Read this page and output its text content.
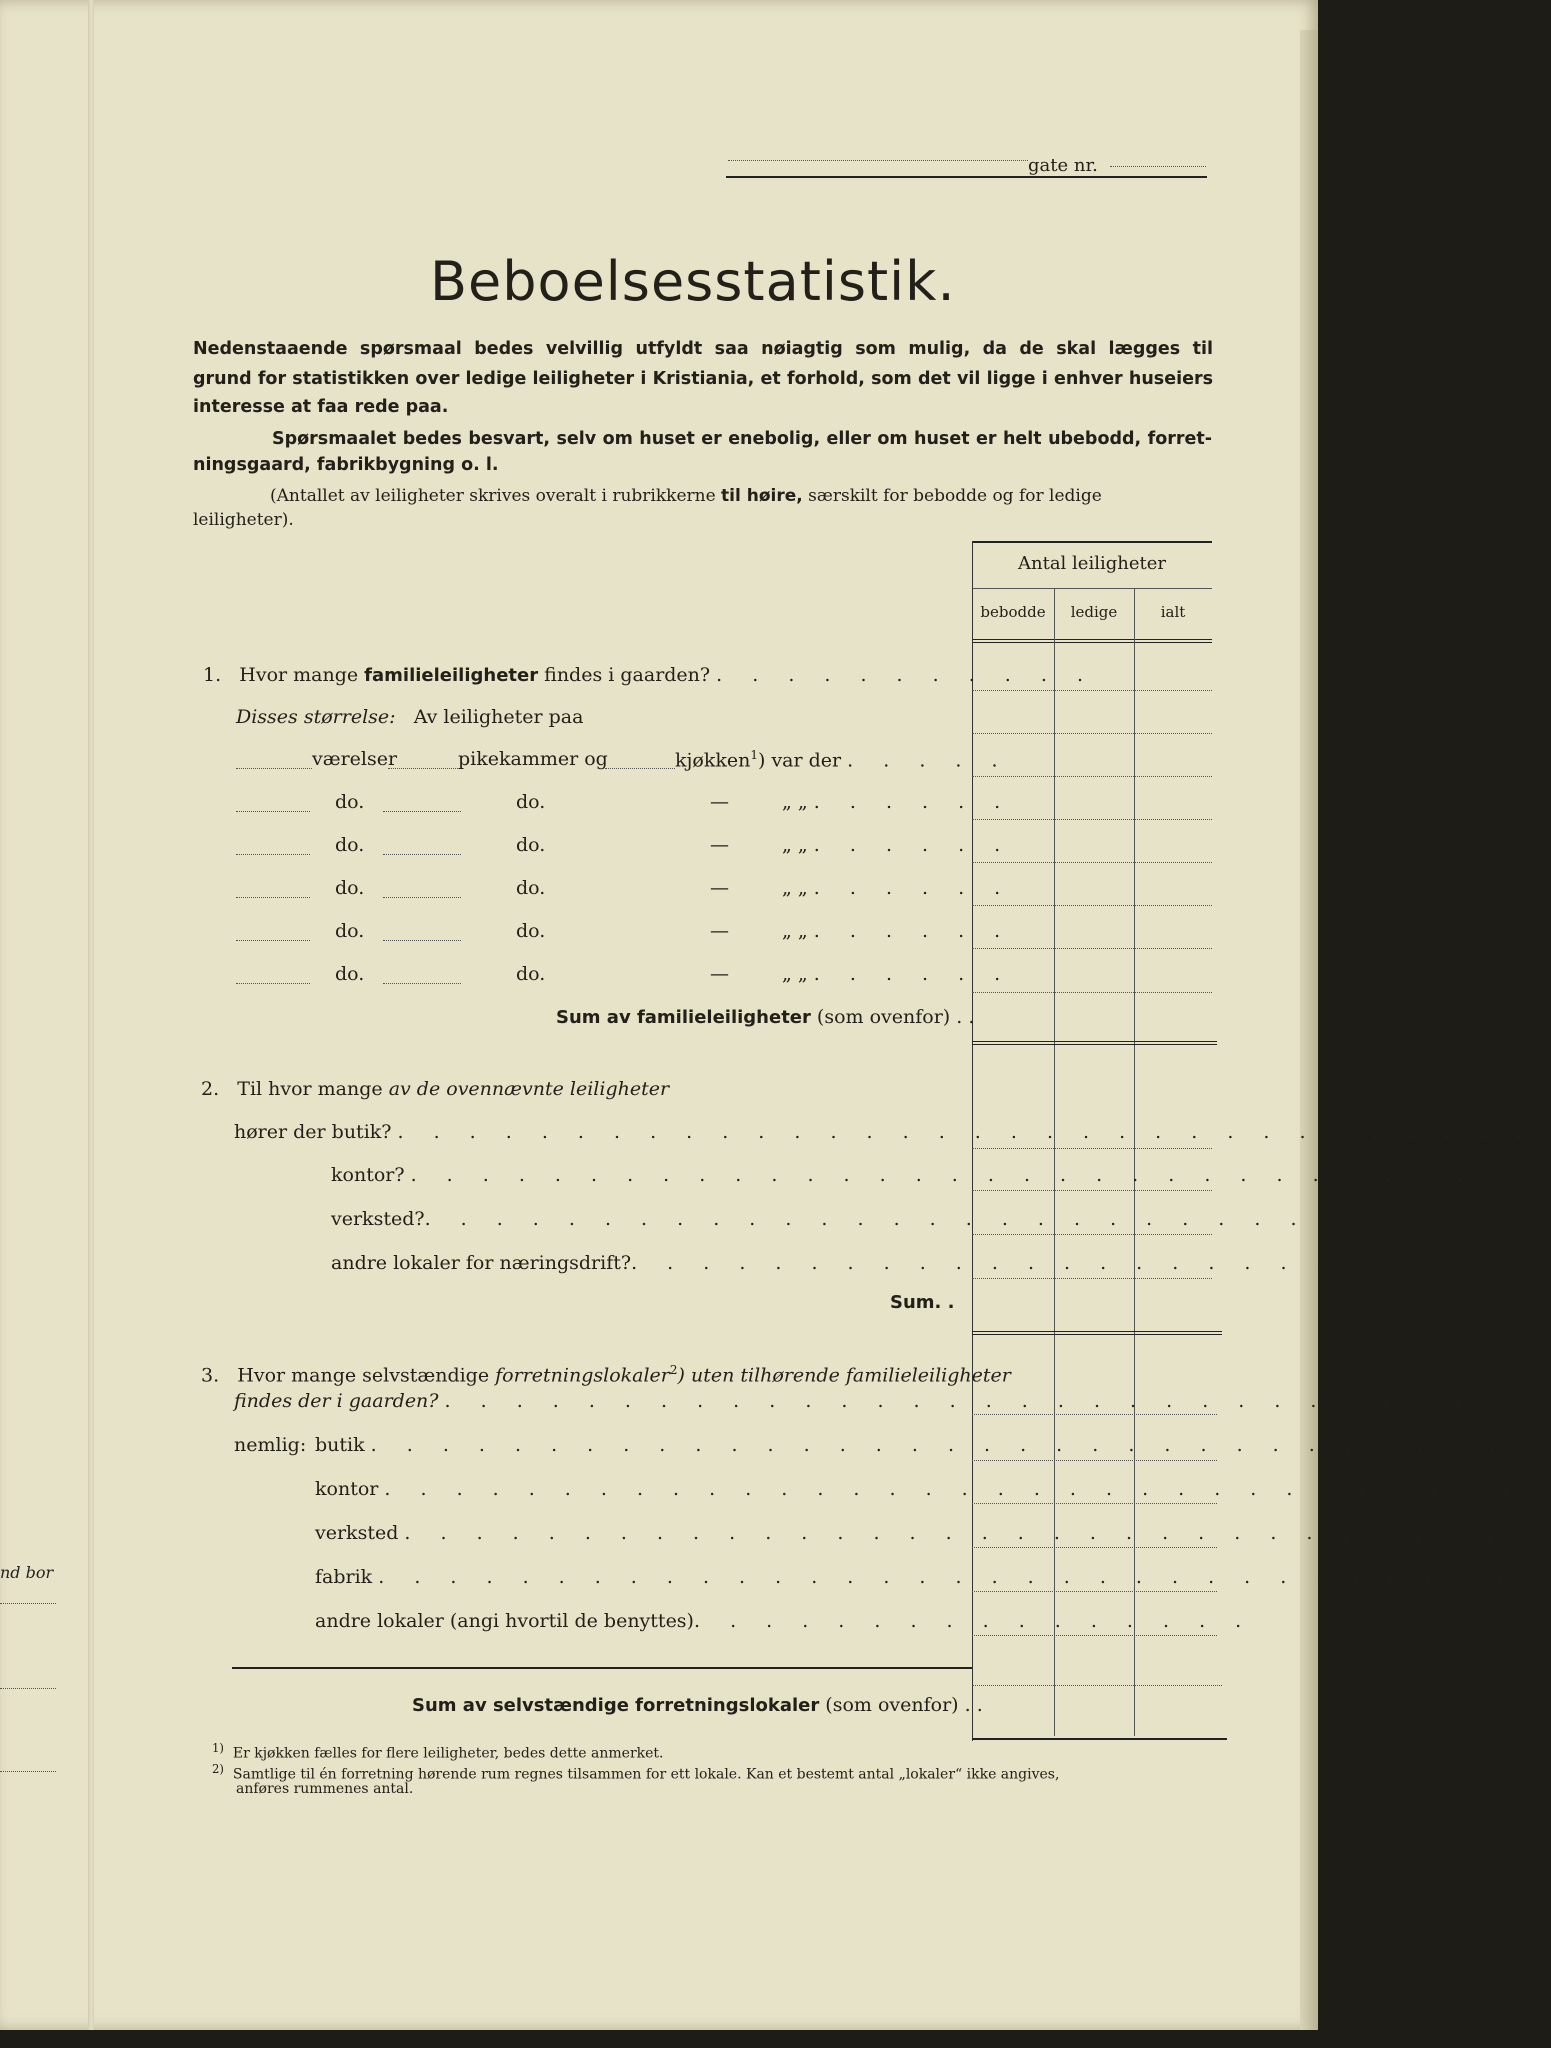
nd bor
gate nr.
Beboelsesstatistik.
Nedenstaaende spørsmaal bedes velvillig utfyldt saa nøiagtig som mulig, da de skal lægges til
grund for statistikken over ledige leiligheter i Kristiania, et forhold, som det vil ligge i enhver huseiers
interesse at faa rede paa.
Spørsmaalet bedes besvart, selv om huset er enebolig, eller om huset er helt ubebodd, forret-
ningsgaard, fabrikbygning o. l.
(Antallet av leiligheter skrives overalt i rubrikkerne til høire, særskilt for bebodde og for ledige
leiligheter).
Antal leiligheter
bebodde	ledige	ialt
1. Hvor mange familieleiligheter findes i gaarden? . . . . . . . . . . .
Disses størrelse: Av leiligheter paa
værelser	pikekammer og	kjøkken$^1$) var der . . . . .
do.	do.	—	„ „ . . . . . .
do.	do.	—	„ „ . . . . . .
do.	do.	—	„ „ . . . . . .
do.	do.	—	„ „ . . . . . .
do.	do.	—	„ „ . . . . . .
Sum av familieleiligheter (som ovenfor) . .
2. Til hvor mange av de ovennævnte leiligheter
hører der butik? . . . . . . . . . . . . . . . . . . . . . . . . . . . . . . . .
kontor? . . . . . . . . . . . . . . . . . . . . . . . . . . . . . . .
verksted?. . . . . . . . . . . . . . . . . . . . . . . . . . . . . .
andre lokaler for næringsdrift?. . . . . . . . . . . . . . . . . . . .
Sum. .
3. Hvor mange selvstændige forretningslokaler$^2$) uten tilhørende familieleiligheter
findes der i gaarden? . . . . . . . . . . . . . . . . . . . . . . . . . . . . . .
nemlig: butik . . . . . . . . . . . . . . . . . . . . . . . . . . . . . . . . .
kontor . . . . . . . . . . . . . . . . . . . . . . . . . . . . . . . .
verksted . . . . . . . . . . . . . . . . . . . . . . . . . . . . . . .
fabrik . . . . . . . . . . . . . . . . . . . . . . . . . . . . . . . . .
andre lokaler (angi hvortil de benyttes). . . . . . . . . . . . . . . .
Sum av selvstændige forretningslokaler (som ovenfor) . .
$^{1)}$ Er kjøkken fælles for flere leiligheter, bedes dette anmerket.
$^{2)}$ Samtlige til én forretning hørende rum regnes tilsammen for ett lokale. Kan et bestemt antal „lokaler“ ikke angives,
anføres rummenes antal.
